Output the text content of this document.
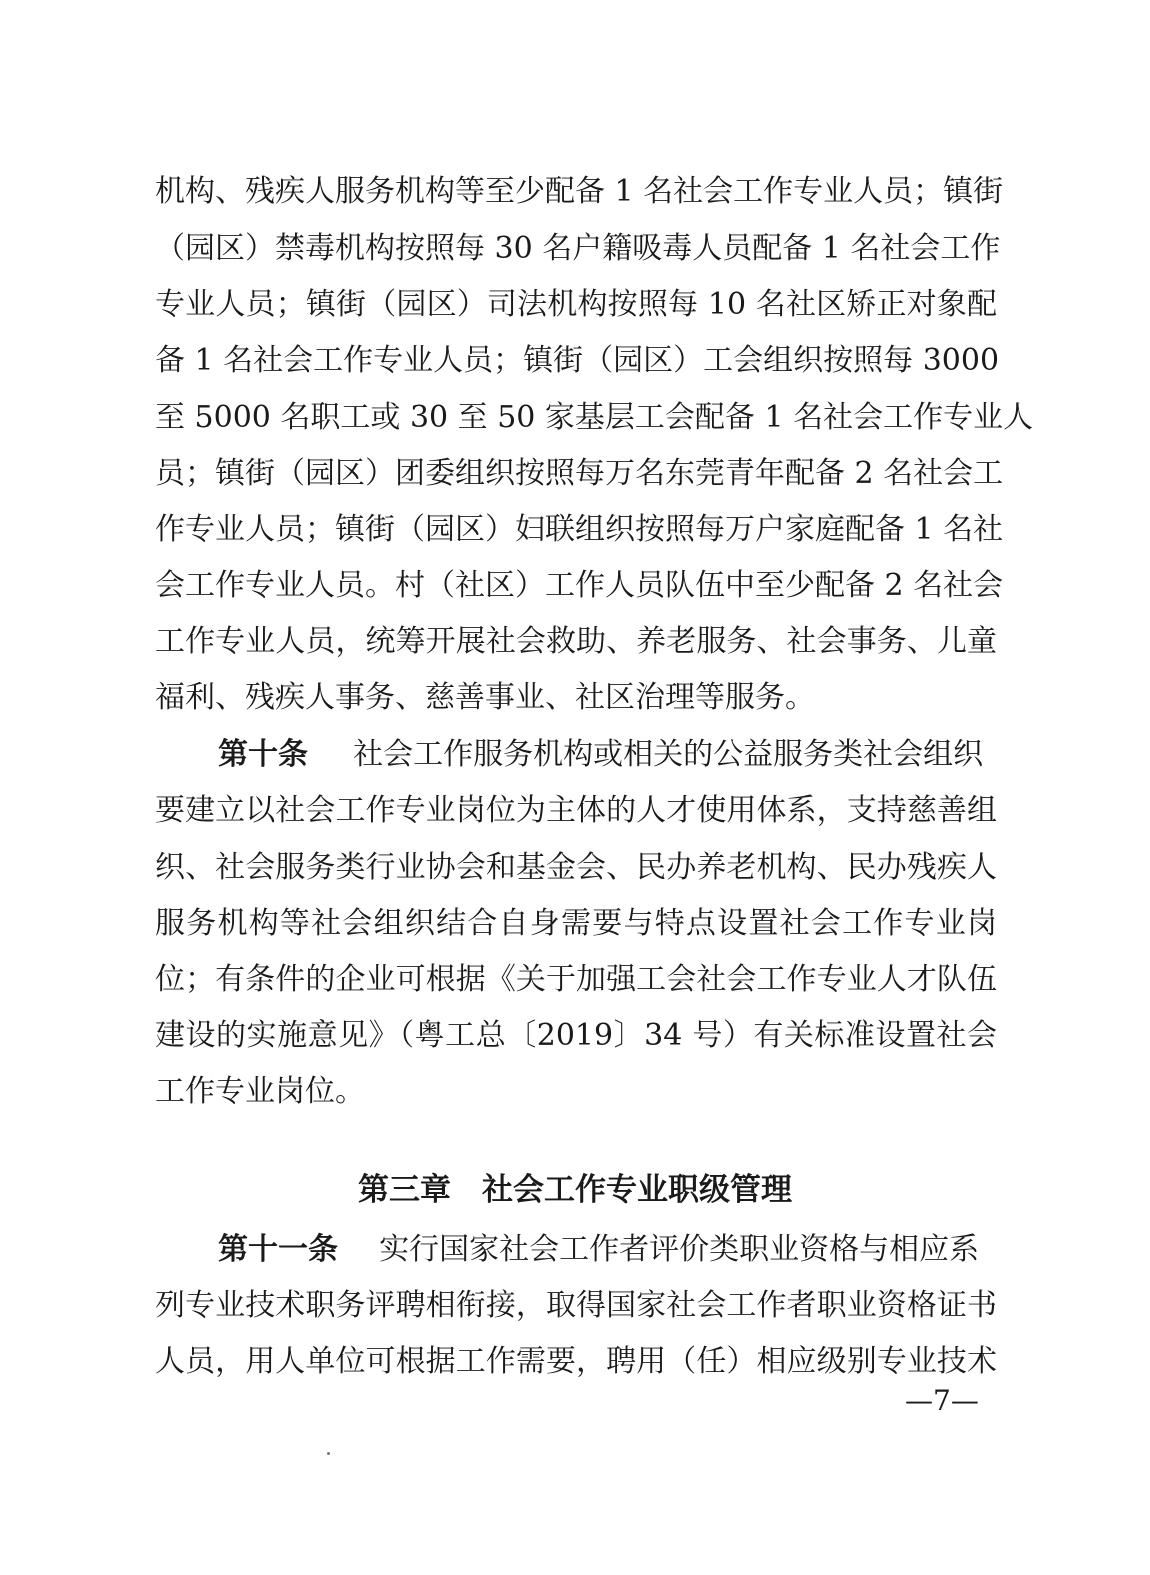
机构、残疾人服务机构等至少配备 1 名社会工作专业人员；镇街
（园区）禁毒机构按照每 30 名户籍吸毒人员配备 1 名社会工作
专业人员；镇街（园区）司法机构按照每 10 名社区矫正对象配
备 1 名社会工作专业人员；镇街（园区）工会组织按照每 3000
至 5000 名职工或 30 至 50 家基层工会配备 1 名社会工作专业人
员；镇街（园区）团委组织按照每万名东莞青年配备 2 名社会工
作专业人员；镇街（园区）妇联组织按照每万户家庭配备 1 名社
会工作专业人员。村（社区）工作人员队伍中至少配备 2 名社会
工作专业人员，统筹开展社会救助、养老服务、社会事务、儿童
福利、残疾人事务、慈善事业、社区治理等服务。
第十条 社会工作服务机构或相关的公益服务类社会组织
要建立以社会工作专业岗位为主体的人才使用体系，支持慈善组
织、社会服务类行业协会和基金会、民办养老机构、民办残疾人
服务机构等社会组织结合自身需要与特点设置社会工作专业岗
位；有条件的企业可根据《关于加强工会社会工作专业人才队伍
建设的实施意见》（粤工总〔2019〕34 号）有关标准设置社会
工作专业岗位。
第三章　社会工作专业职级管理
第十一条 实行国家社会工作者评价类职业资格与相应系
列专业技术职务评聘相衔接，取得国家社会工作者职业资格证书
人员，用人单位可根据工作需要，聘用（任）相应级别专业技术
—7—
